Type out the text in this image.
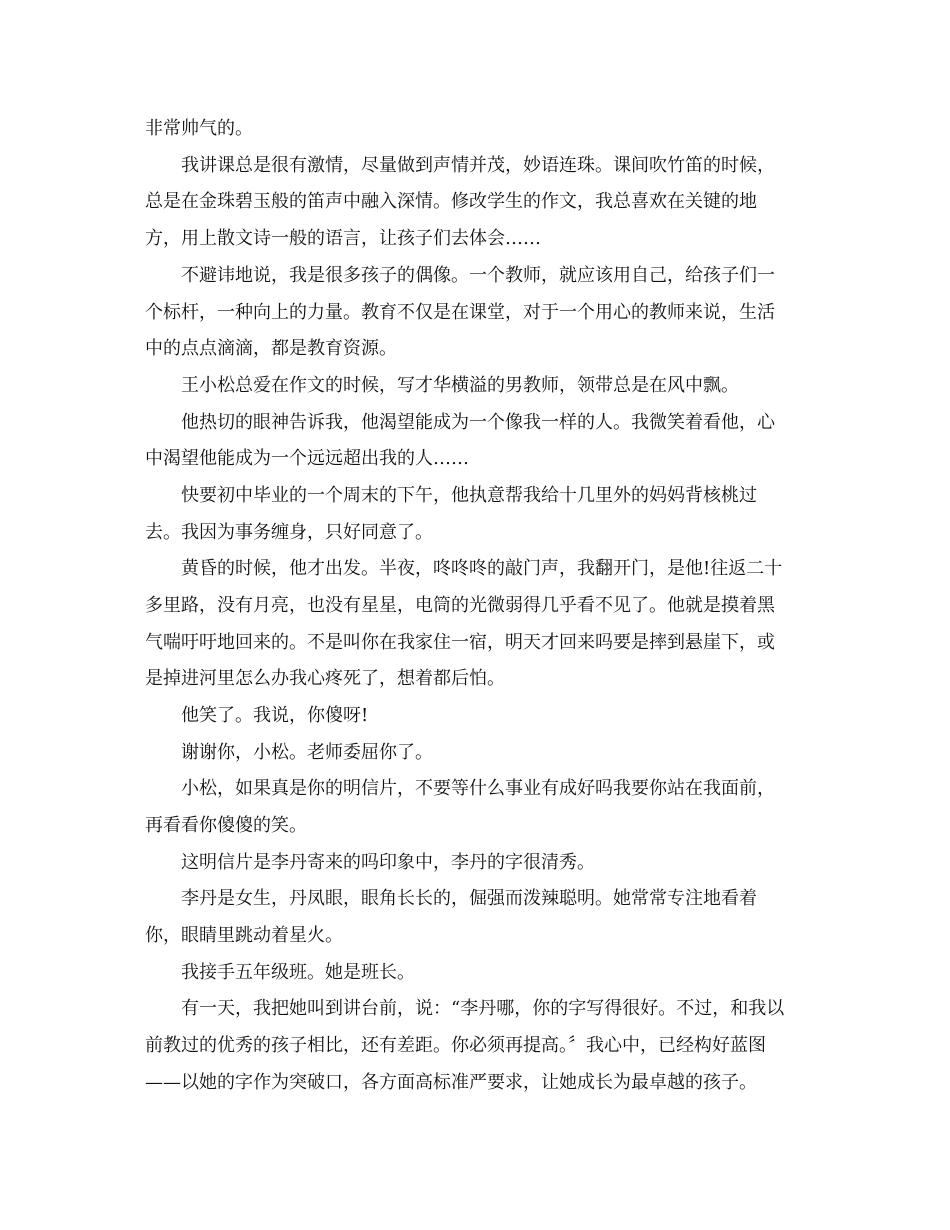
非常帅气的。

我讲课总是很有激情，尽量做到声情并茂，妙语连珠。课间吹竹笛的时候，

总是在金珠碧玉般的笛声中融入深情。修改学生的作文，我总喜欢在关键的地

方，用上散文诗一般的语言，让孩子们去体会……

不避讳地说，我是很多孩子的偶像。一个教师，就应该用自己，给孩子们一

个标杆，一种向上的力量。教育不仅是在课堂，对于一个用心的教师来说，生活

中的点点滴滴，都是教育资源。

王小松总爱在作文的时候，写才华横溢的男教师，领带总是在风中飘。

他热切的眼神告诉我，他渴望能成为一个像我一样的人。我微笑着看他，心

中渴望他能成为一个远远超出我的人……

快要初中毕业的一个周末的下午，他执意帮我给十几里外的妈妈背核桃过

去。我因为事务缠身，只好同意了。

黄昏的时候，他才出发。半夜，咚咚咚的敲门声，我翻开门，是他!往返二十

多里路，没有月亮，也没有星星，电筒的光微弱得几乎看不见了。他就是摸着黑

气喘吁吁地回来的。不是叫你在我家住一宿，明天才回来吗要是摔到悬崖下，或

是掉进河里怎么办我心疼死了，想着都后怕。

他笑了。我说，你傻呀!

谢谢你，小松。老师委屈你了。

小松，如果真是你的明信片，不要等什么事业有成好吗我要你站在我面前，

再看看你傻傻的笑。

这明信片是李丹寄来的吗印象中，李丹的字很清秀。

李丹是女生，丹凤眼，眼角长长的，倔强而泼辣聪明。她常常专注地看着

你，眼睛里跳动着星火。

我接手五年级班。她是班长。

有一天，我把她叫到讲台前，说：“李丹哪，你的字写得很好。不过，和我以

前教过的优秀的孩子相比，还有差距。你必须再提高。〞我心中，已经构好蓝图

——以她的字作为突破口，各方面高标准严要求，让她成长为最卓越的孩子。
